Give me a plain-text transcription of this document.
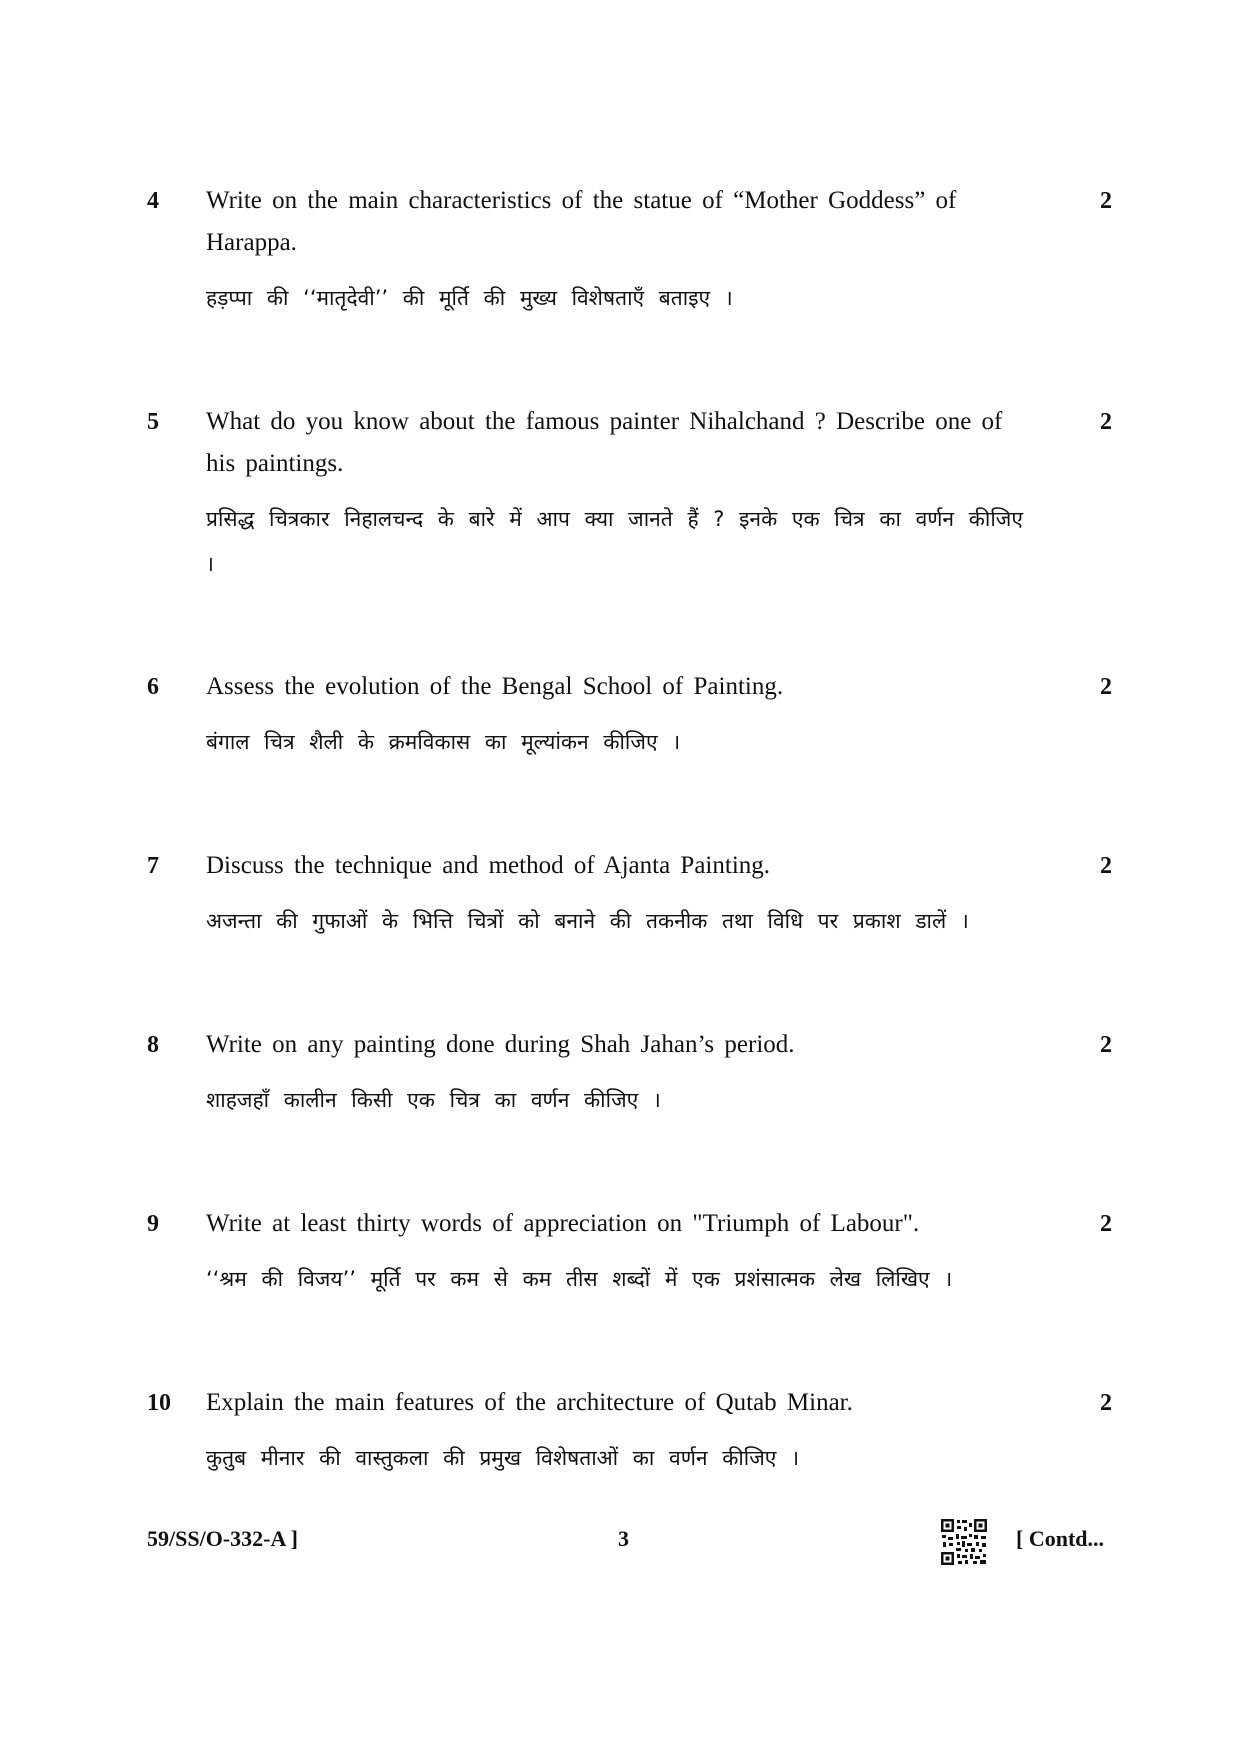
4 Write on the main characteristics of the statue of “Mother Goddess” of Harappa.

हड़प्पा की ‘‘मातृदेवी’’ की मूर्ति की मुख्य विशेषताएँ बताइए ।

2
5 What do you know about the famous painter Nihalchand ? Describe one of his paintings.

प्रसिद्ध चित्रकार निहालचन्द के बारे में आप क्या जानते हैं ? इनके एक चित्र का वर्णन कीजिए ।

2
6 Assess the evolution of the Bengal School of Painting.

बंगाल चित्र शैली के क्रमविकास का मूल्यांकन कीजिए ।

2
7 Discuss the technique and method of Ajanta Painting.

अजन्ता की गुफाओं के भित्ति चित्रों को बनाने की तकनीक तथा विधि पर प्रकाश डालें ।

2
8 Write on any painting done during Shah Jahan’s period.

शाहजहाँ कालीन किसी एक चित्र का वर्णन कीजिए ।

2
9 Write at least thirty words of appreciation on "Triumph of Labour".

‘‘श्रम की विजय’’ मूर्ति पर कम से कम तीस शब्दों में एक प्रशंसात्मक लेख लिखिए ।

2
10 Explain the main features of the architecture of Qutab Minar.

कुतुब मीनार की वास्तुकला की प्रमुख विशेषताओं का वर्णन कीजिए ।

2
59/SS/O-332-A ]	3	[ Contd...
